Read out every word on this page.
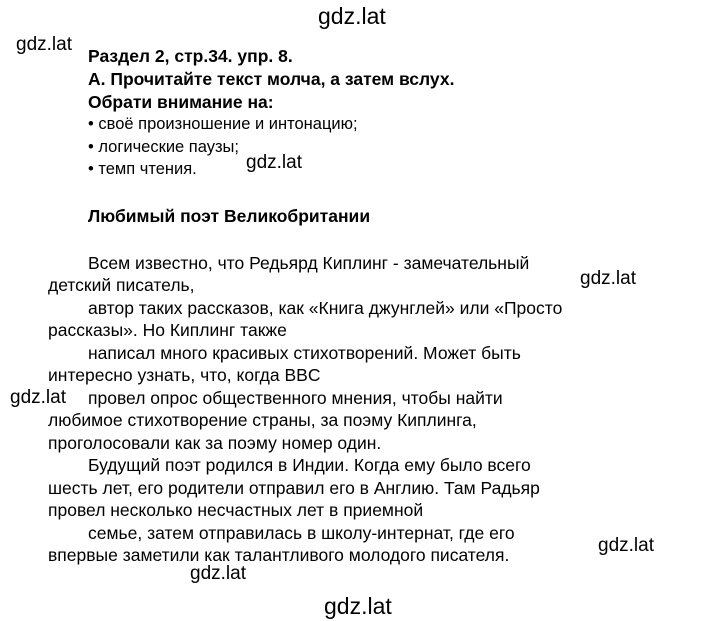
gdz.lat
gdz.lat
gdz.lat
gdz.lat
gdz.lat
gdz.lat
gdz.lat
gdz.lat
Раздел 2, стр.34. упр. 8.
А. Прочитайте текст молча, а затем вслух.
Обрати внимание на:
• своё произношение и интонацию;
• логические паузы;
• темп чтения.
Любимый поэт Великобритании
Всем известно, что Редьярд Киплинг - замечательный
детский писатель,
автор таких рассказов, как «Книга джунглей» или «Просто
рассказы». Но Киплинг также
написал много красивых стихотворений. Может быть
интересно узнать, что, когда BBC
провел опрос общественного мнения, чтобы найти
любимое стихотворение страны, за поэму Киплинга,
проголосовали как за поэму номер один.
Будущий поэт родился в Индии. Когда ему было всего
шесть лет, его родители отправил его в Англию. Там Радьяр
провел несколько несчастных лет в приемной
семье, затем отправилась в школу-интернат, где его
впервые заметили как талантливого молодого писателя.
